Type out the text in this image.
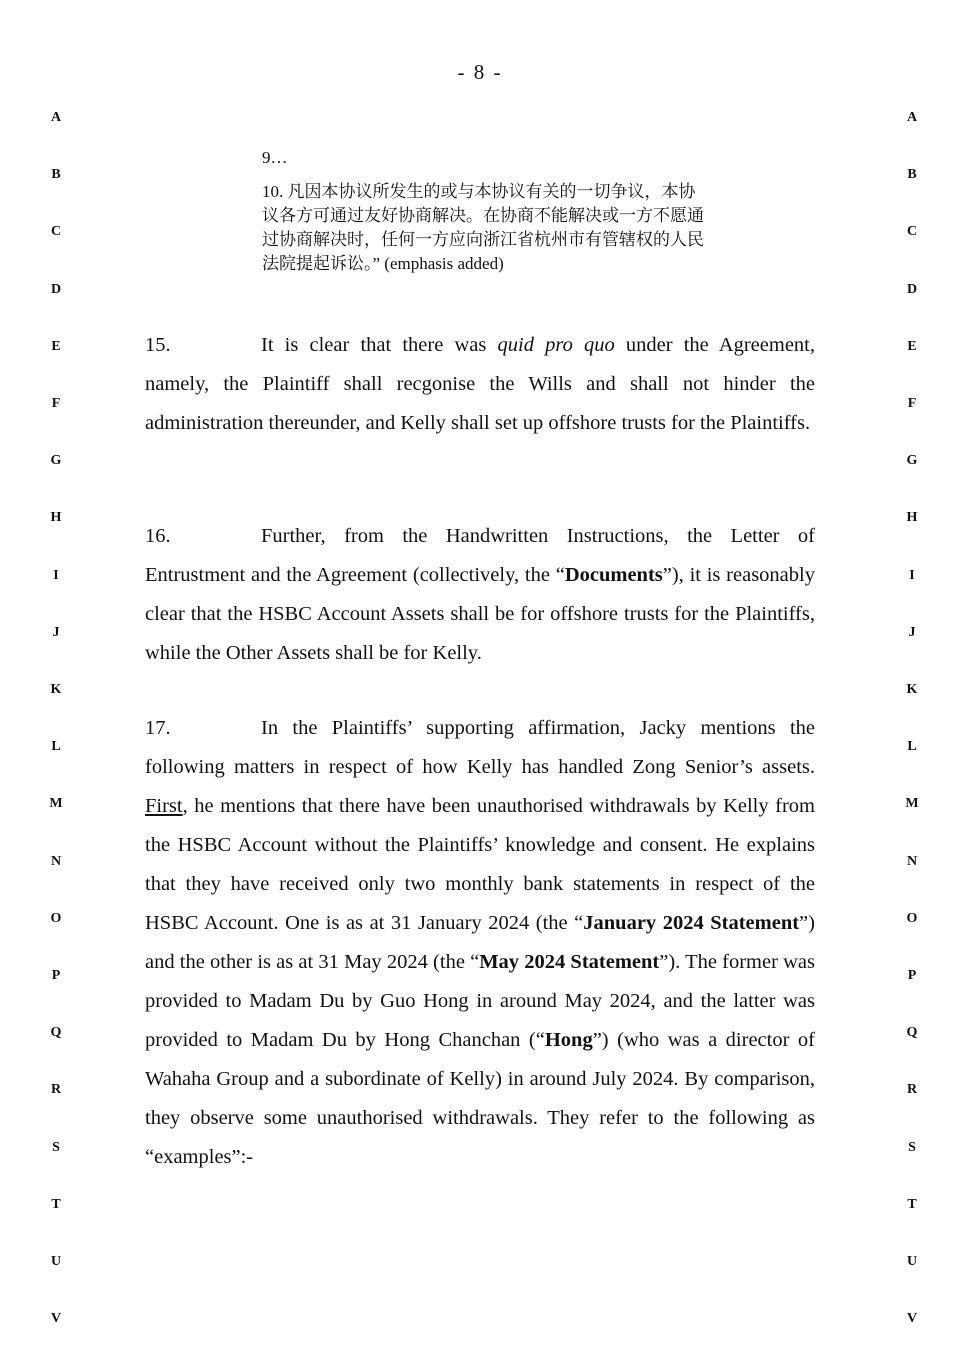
- 8 -
A	A
B	B
C	C
D	D
E	E
F	F
G	G
H	H
I	I
J	J
K	K
L	L
M	M
N	N
O	O
P	P
Q	Q
R	R
S	S
T	T
U	U
V	V

9…

10. 凡因本协议所发生的或与本协议有关的一切争议，本协

议各方可通过友好协商解决。在协商不能解决或一方不愿通

过协商解决时，任何一方应向浙江省杭州市有管辖权的人民

法院提起诉讼。” (emphasis added)

15.	It is clear that there was quid pro quo under the Agreement, namely, the Plaintiff shall recgonise the Wills and shall not hinder the administration thereunder, and Kelly shall set up offshore trusts for the Plaintiffs.

16.	Further, from the Handwritten Instructions, the Letter of Entrustment and the Agreement (collectively, the “Documents”), it is reasonably clear that the HSBC Account Assets shall be for offshore trusts for the Plaintiffs, while the Other Assets shall be for Kelly.

17.	In the Plaintiffs’ supporting affirmation, Jacky mentions the following matters in respect of how Kelly has handled Zong Senior’s assets. First, he mentions that there have been unauthorised withdrawals by Kelly from the HSBC Account without the Plaintiffs’ knowledge and consent. He explains that they have received only two monthly bank statements in respect of the HSBC Account. One is as at 31 January 2024 (the “January 2024 Statement”) and the other is as at 31 May 2024 (the “May 2024 Statement”). The former was provided to Madam Du by Guo Hong in around May 2024, and the latter was provided to Madam Du by Hong Chanchan (“Hong”) (who was a director of Wahaha Group and a subordinate of Kelly) in around July 2024. By comparison, they observe some unauthorised withdrawals. They refer to the following as “examples”:-
